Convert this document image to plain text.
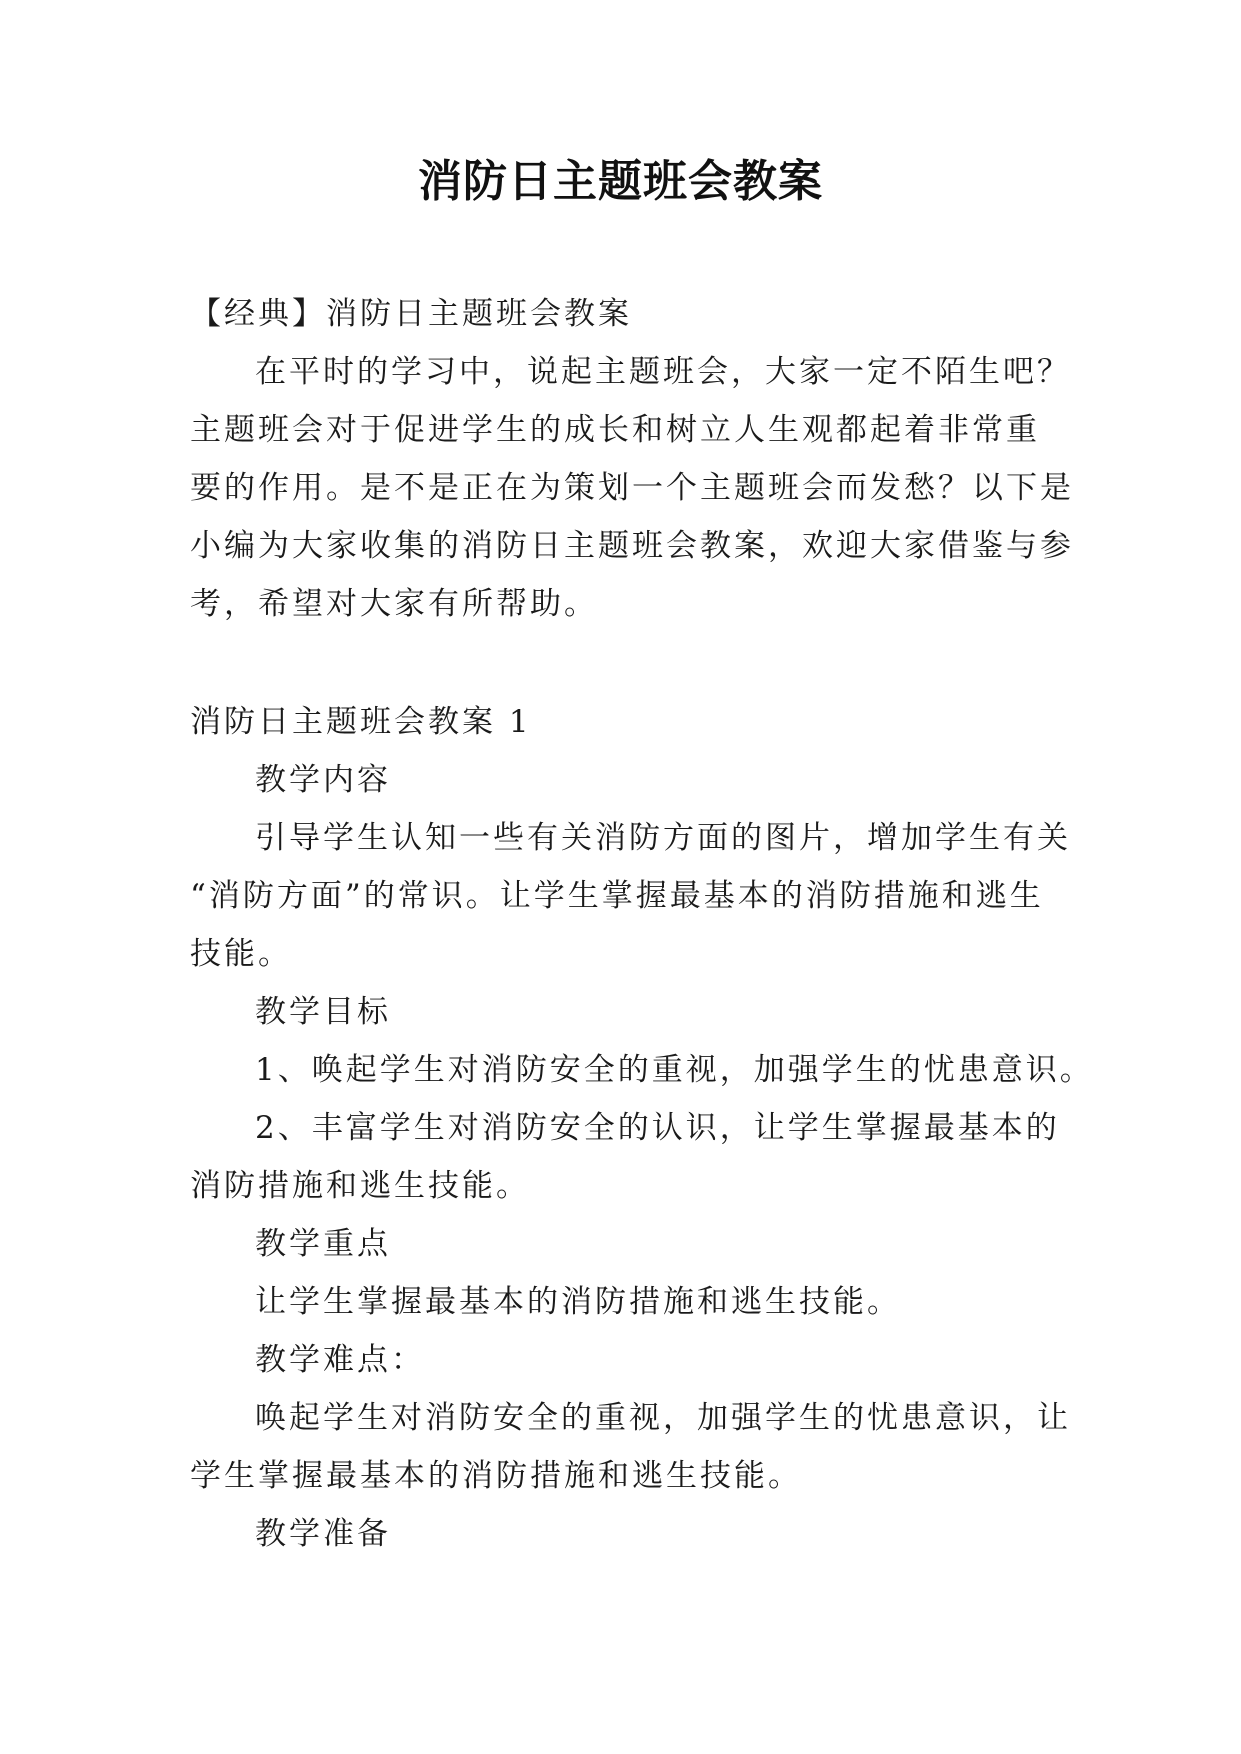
消防日主题班会教案
【经典】消防日主题班会教案
在平时的学习中，说起主题班会，大家一定不陌生吧？
主题班会对于促进学生的成长和树立人生观都起着非常重
要的作用。是不是正在为策划一个主题班会而发愁？以下是
小编为大家收集的消防日主题班会教案，欢迎大家借鉴与参
考，希望对大家有所帮助。
消防日主题班会教案 1
教学内容
引导学生认知一些有关消防方面的图片，增加学生有关
“消防方面”的常识。让学生掌握最基本的消防措施和逃生
技能。
教学目标
1、唤起学生对消防安全的重视，加强学生的忧患意识。
2、丰富学生对消防安全的认识，让学生掌握最基本的
消防措施和逃生技能。
教学重点
让学生掌握最基本的消防措施和逃生技能。
教学难点：
唤起学生对消防安全的重视，加强学生的忧患意识，让
学生掌握最基本的消防措施和逃生技能。
教学准备
